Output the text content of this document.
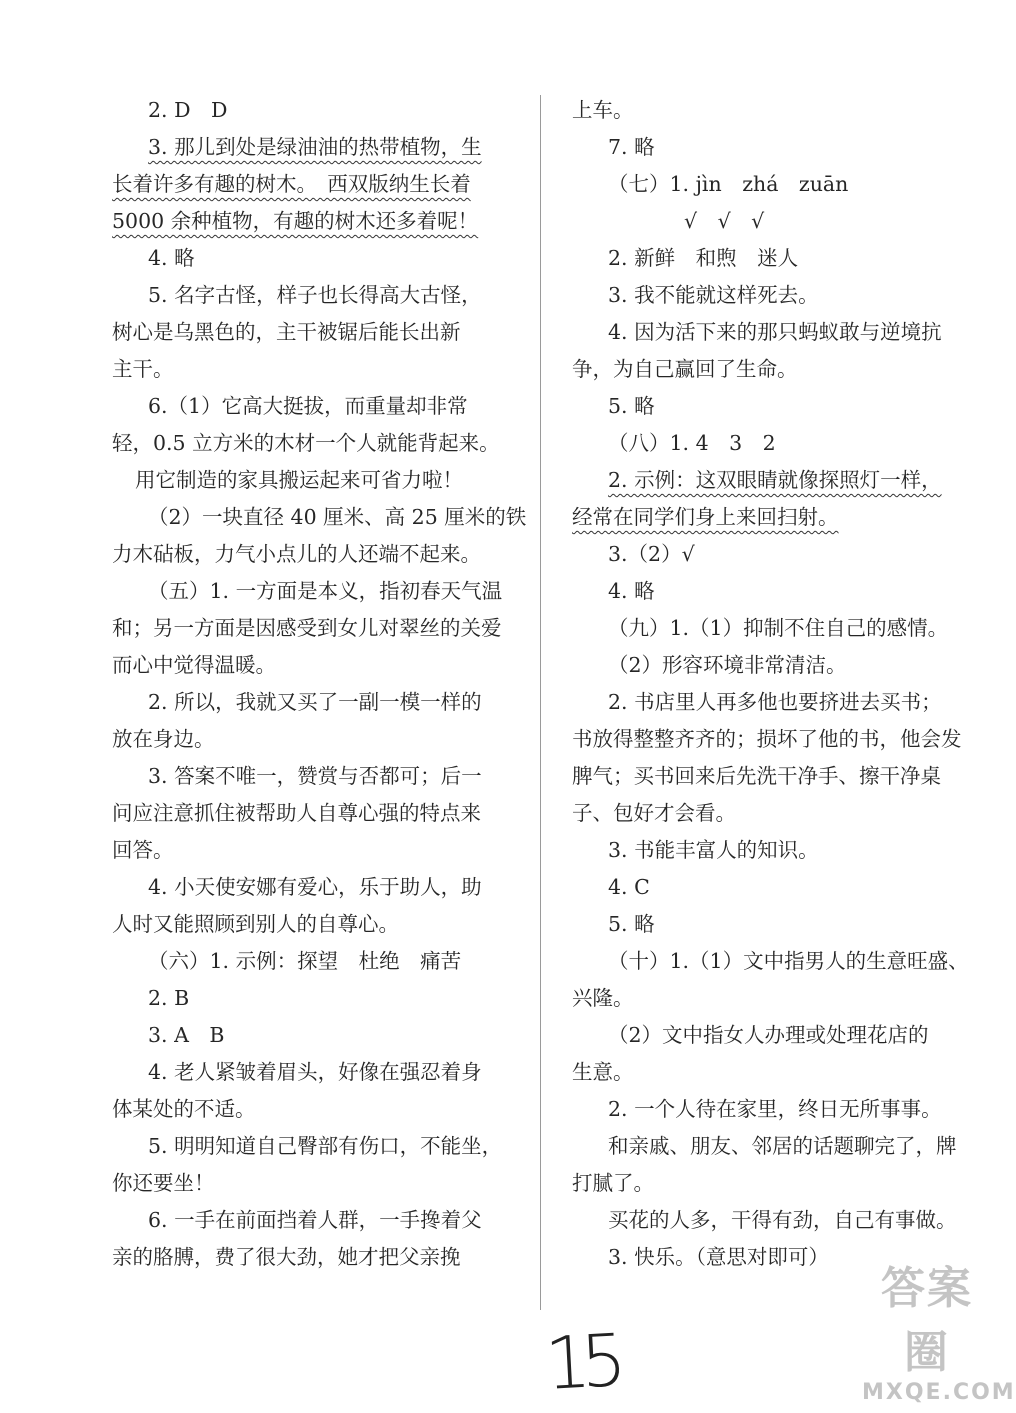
2. D　D
3. 那儿到处是绿油油的热带植物，生
长着许多有趣的树木。　西双版纳生长着
5000 余种植物，有趣的树木还多着呢！
4. 略
5. 名字古怪，样子也长得高大古怪，
树心是乌黑色的，主干被锯后能长出新
主干。
6.（1）它高大挺拔，而重量却非常
轻，0.5 立方米的木材一个人就能背起来。
用它制造的家具搬运起来可省力啦！
（2）一块直径 40 厘米、高 25 厘米的铁
力木砧板，力气小点儿的人还端不起来。
（五）1. 一方面是本义，指初春天气温
和；另一方面是因感受到女儿对翠丝的关爱
而心中觉得温暖。
2. 所以，我就又买了一副一模一样的
放在身边。
3. 答案不唯一，赞赏与否都可；后一
问应注意抓住被帮助人自尊心强的特点来
回答。
4. 小天使安娜有爱心，乐于助人，助
人时又能照顾到别人的自尊心。
（六）1. 示例：探望　杜绝　痛苦
2. B
3. A　B
4. 老人紧皱着眉头，好像在强忍着身
体某处的不适。
5. 明明知道自己臀部有伤口，不能坐，
你还要坐！
6. 一手在前面挡着人群，一手搀着父
亲的胳膊，费了很大劲，她才把父亲挽
上车。
7. 略
（七）1. jìn　zhá　zuān
√　√　√
2. 新鲜　和煦　迷人
3. 我不能就这样死去。
4. 因为活下来的那只蚂蚁敢与逆境抗
争，为自己赢回了生命。
5. 略
（八）1. 4　3　2
2. 示例：这双眼睛就像探照灯一样，
经常在同学们身上来回扫射。
3.（2）√
4. 略
（九）1.（1）抑制不住自己的感情。
（2）形容环境非常清洁。
2. 书店里人再多他也要挤进去买书；
书放得整整齐齐的；损坏了他的书，他会发
脾气；买书回来后先洗干净手、擦干净桌
子、包好才会看。
3. 书能丰富人的知识。
4. C
5. 略
（十）1.（1）文中指男人的生意旺盛、
兴隆。
（2）文中指女人办理或处理花店的
生意。
2. 一个人待在家里，终日无所事事。
和亲戚、朋友、邻居的话题聊完了，牌
打腻了。
买花的人多，干得有劲，自己有事做。
3. 快乐。（意思对即可）
15
答案圈
MXQE.COM
